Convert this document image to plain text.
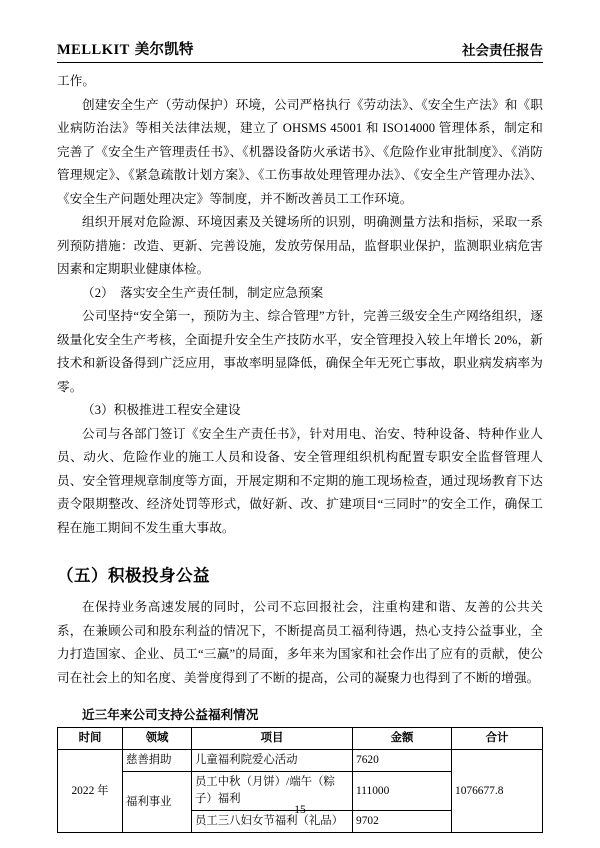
MELLKIT 美尔凯特	社会责任报告

工作。

创建安全生产（劳动保护）环境，公司严格执行《劳动法》、《安全生产法》和《职业病防治法》等相关法律法规，建立了 OHSMS 45001 和 ISO14000 管理体系，制定和完善了《安全生产管理责任书》、《机器设备防火承诺书》、《危险作业审批制度》、《消防管理规定》、《紧急疏散计划方案》、《工伤事故处理管理办法》、《安全生产管理办法》、《安全生产问题处理决定》等制度，并不断改善员工工作环境。

组织开展对危险源、环境因素及关键场所的识别，明确测量方法和指标，采取一系列预防措施：改造、更新、完善设施，发放劳保用品，监督职业保护，监测职业病危害因素和定期职业健康体检。

（2）　落实安全生产责任制，制定应急预案

公司坚持“安全第一，预防为主、综合管理”方针，完善三级安全生产网络组织，逐级量化安全生产考核，全面提升安全生产技防水平，安全管理投入较上年增长 20%，新技术和新设备得到广泛应用，事故率明显降低，确保全年无死亡事故，职业病发病率为零。

（3）积极推进工程安全建设

公司与各部门签订《安全生产责任书》，针对用电、治安、特种设备、特种作业人员、动火、危险作业的施工人员和设备、安全管理组织机构配置专职安全监督管理人员、安全管理规章制度等方面，开展定期和不定期的施工现场检查，通过现场教育下达责令限期整改、经济处罚等形式，做好新、改、扩建项目“三同时”的安全工作，确保工程在施工期间不发生重大事故。

（五）积极投身公益

在保持业务高速发展的同时，公司不忘回报社会，注重构建和谐、友善的公共关系，在兼顾公司和股东利益的情况下，不断提高员工福利待遇，热心支持公益事业，全力打造国家、企业、员工“三赢”的局面，多年来为国家和社会作出了应有的贡献，使公司在社会上的知名度、美誉度得到了不断的提高，公司的凝聚力也得到了不断的增强。

近三年来公司支持公益福利情况
时间	领域	项目	金额	合计
2022 年	慈善捐助	儿童福利院爱心活动	7620	1076677.8
	福利事业	员工中秋（月饼）/端午（粽子）福利	111000	
		员工三八妇女节福利（礼品）	9702	
15
